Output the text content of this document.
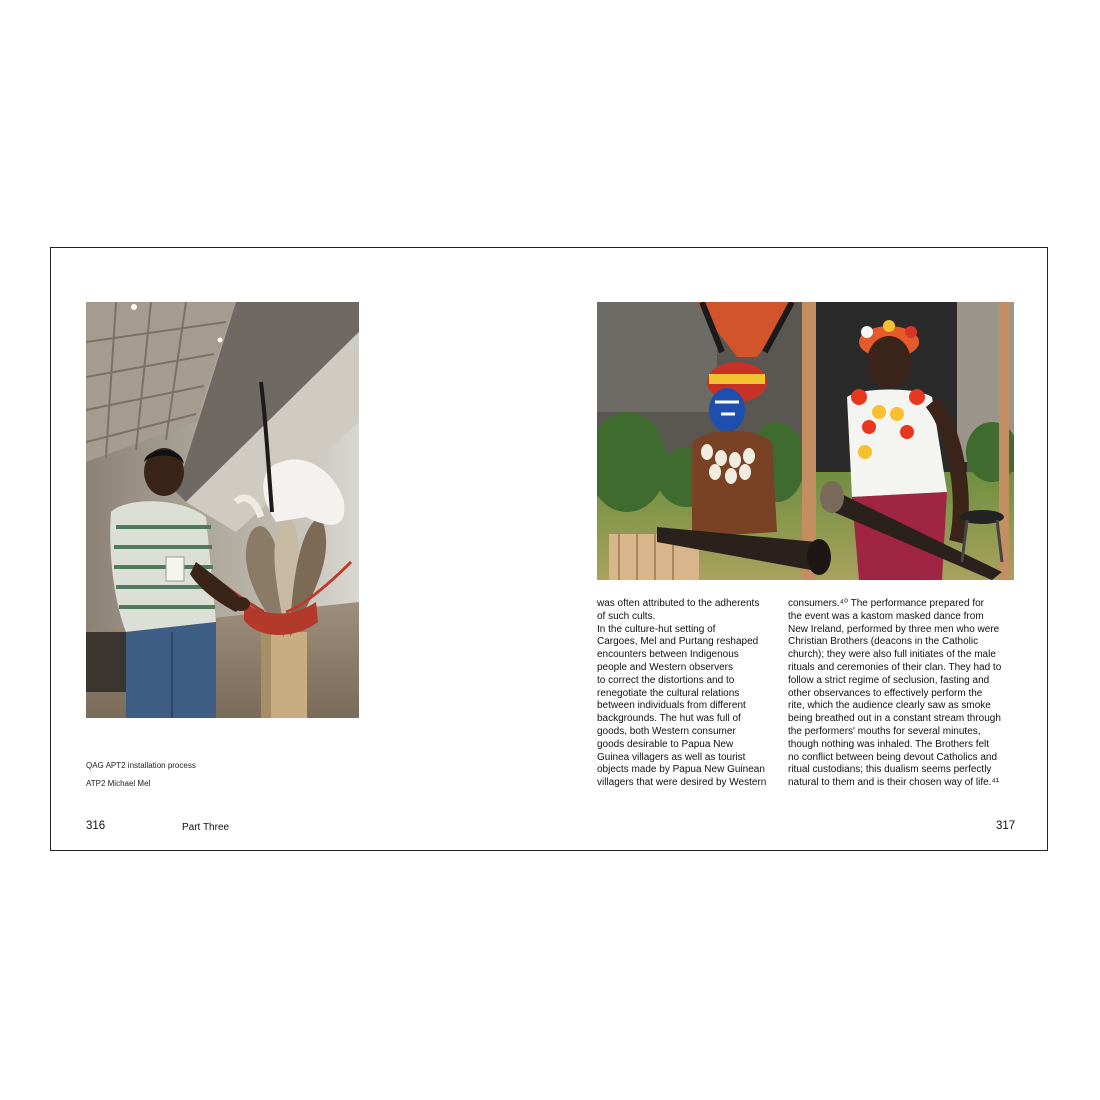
QAG APT2 installation process
ATP2 Michael Mel
316	Part Three
was often attributed to the adherents
of such cults.
In the culture-hut setting of
Cargoes, Mel and Purtang reshaped
encounters between Indigenous
people and Western observers
to correct the distortions and to
renegotiate the cultural relations
between individuals from different
backgrounds. The hut was full of
goods, both Western consumer
goods desirable to Papua New
Guinea villagers as well as tourist
objects made by Papua New Guinean
villagers that were desired by Western
consumers.⁴⁰ The performance prepared for
the event was a kastom masked dance from
New Ireland, performed by three men who were
Christian Brothers (deacons in the Catholic
church); they were also full initiates of the male
rituals and ceremonies of their clan. They had to
follow a strict regime of seclusion, fasting and
other observances to effectively perform the
rite, which the audience clearly saw as smoke
being breathed out in a constant stream through
the performers' mouths for several minutes,
though nothing was inhaled. The Brothers felt
no conflict between being devout Catholics and
ritual custodians; this dualism seems perfectly
natural to them and is their chosen way of life.⁴¹
317
